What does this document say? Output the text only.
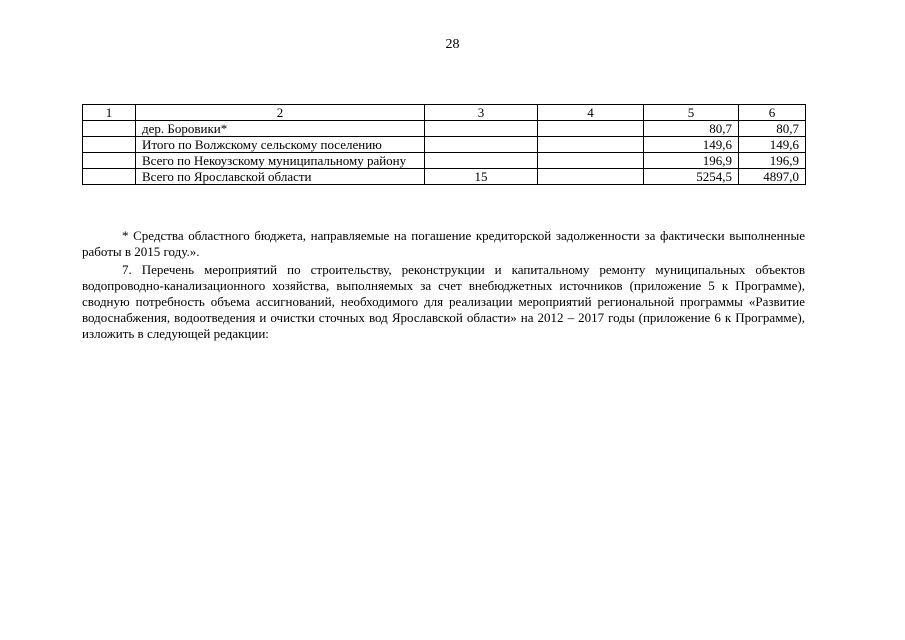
28
1	2	3	4	5	6
	дер. Боровики*			80,7	80,7
	Итого по Волжскому сельскому поселению			149,6	149,6
	Всего по Некоузскому муниципальному району			196,9	196,9
	Всего по Ярославской области	15		5254,5	4897,0

* Средства областного бюджета, направляемые на погашение кредиторской задолженности за фактически выполненные работы в 2015 году.».

7. Перечень мероприятий по строительству, реконструкции и капитальному ремонту муниципальных объектов водопроводно-канализационного хозяйства, выполняемых за счет внебюджетных источников (приложение 5 к Программе), сводную потребность объема ассигнований, необходимого для реализации мероприятий региональной программы «Развитие водоснабжения, водоотведения и очистки сточных вод Ярославской области» на 2012 – 2017 годы (приложение 6 к Программе), изложить в следующей редакции:
